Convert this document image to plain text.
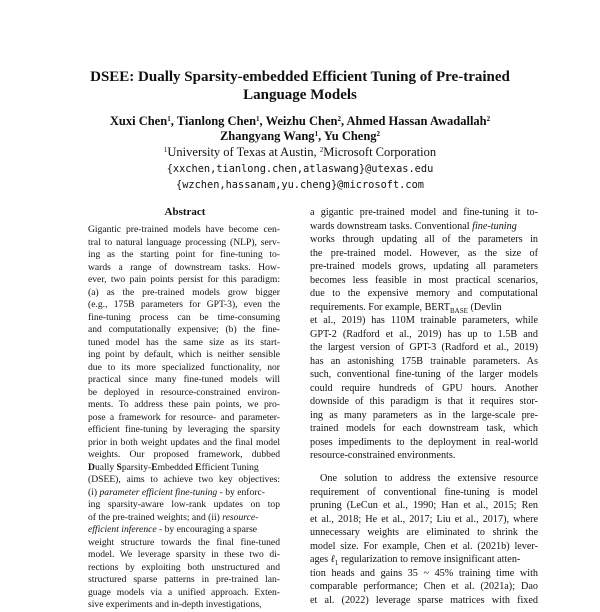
DSEE: Dually Sparsity-embedded Efficient Tuning of Pre-trained
Language Models
Xuxi Chen$^1$, Tianlong Chen$^1$, Weizhu Chen$^2$, Ahmed Hassan Awadallah$^2$
Zhangyang Wang$^1$, Yu Cheng$^2$
$^1$University of Texas at Austin, $^2$Microsoft Corporation
{xxchen,tianlong.chen,atlaswang}@utexas.edu
{wzchen,hassanam,yu.cheng}@microsoft.com
Abstract
Gigantic pre-trained models have become cen-
tral to natural language processing (NLP), serv-
ing as the starting point for fine-tuning to-
wards a range of downstream tasks. How-
ever, two pain points persist for this paradigm:
(a) as the pre-trained models grow bigger
(e.g., 175B parameters for GPT-3), even the
fine-tuning process can be time-consuming
and computationally expensive; (b) the fine-
tuned model has the same size as its start-
ing point by default, which is neither sensible
due to its more specialized functionality, nor
practical since many fine-tuned models will
be deployed in resource-constrained environ-
ments. To address these pain points, we pro-
pose a framework for resource- and parameter-
efficient fine-tuning by leveraging the sparsity
prior in both weight updates and the final model
weights. Our proposed framework, dubbed
Dually Sparsity-Embedded Efficient Tuning
(DSEE), aims to achieve two key objectives:
(i) parameter efficient fine-tuning - by enforc-
ing sparsity-aware low-rank updates on top
of the pre-trained weights; and (ii) resource-
efficient inference - by encouraging a sparse
weight structure towards the final fine-tuned
model. We leverage sparsity in these two di-
rections by exploiting both unstructured and
structured sparse patterns in pre-trained lan-
guage models via a unified approach. Exten-
sive experiments and in-depth investigations,
a gigantic pre-trained model and fine-tuning it to-
wards downstream tasks. Conventional fine-tuning
works through updating all of the parameters in
the pre-trained model. However, as the size of
pre-trained models grows, updating all parameters
becomes less feasible in most practical scenarios,
due to the expensive memory and computational
requirements. For example, $BERT_{BASE}$ (Devlin
et al., 2019) has 110M trainable parameters, while
GPT-2 (Radford et al., 2019) has up to 1.5B and
the largest version of GPT-3 (Radford et al., 2019)
has an astonishing 175B trainable parameters. As
such, conventional fine-tuning of the larger models
could require hundreds of GPU hours. Another
downside of this paradigm is that it requires stor-
ing as many parameters as in the large-scale pre-
trained models for each downstream task, which
poses impediments to the deployment in real-world
resource-constrained environments.
One solution to address the extensive resource
requirement of conventional fine-tuning is model
pruning (LeCun et al., 1990; Han et al., 2015; Ren
et al., 2018; He et al., 2017; Liu et al., 2017), where
unnecessary weights are eliminated to shrink the
model size. For example, Chen et al. (2021b) lever-
ages ℓ$_1$ regularization to remove insignificant atten-
tion heads and gains 35 ~ 45% training time with
comparable performance; Chen et al. (2021a); Dao
et al. (2022) leverage sparse matrices with fixed
